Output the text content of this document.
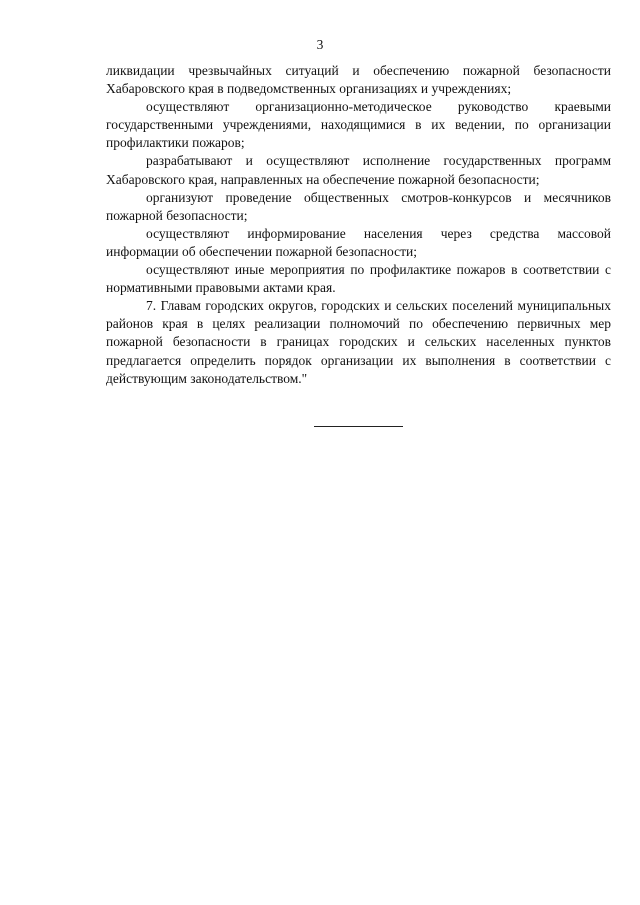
3

ликвидации чрезвычайных ситуаций и обеспечению пожарной безопасности Хабаровского края в подведомственных организациях и учреждениях;

осуществляют организационно-методическое руководство краевыми государственными учреждениями, находящимися в их ведении, по организации профилактики пожаров;

разрабатывают и осуществляют исполнение государственных программ Хабаровского края, направленных на обеспечение пожарной безопасности;

организуют проведение общественных смотров-конкурсов и месячников пожарной безопасности;

осуществляют информирование населения через средства массовой информации об обеспечении пожарной безопасности;

осуществляют иные мероприятия по профилактике пожаров в соответствии с нормативными правовыми актами края.

7. Главам городских округов, городских и сельских поселений муниципальных районов края в целях реализации полномочий по обеспечению первичных мер пожарной безопасности в границах городских и сельских населенных пунктов предлагается определить порядок организации их выполнения в соответствии с действующим законодательством."
